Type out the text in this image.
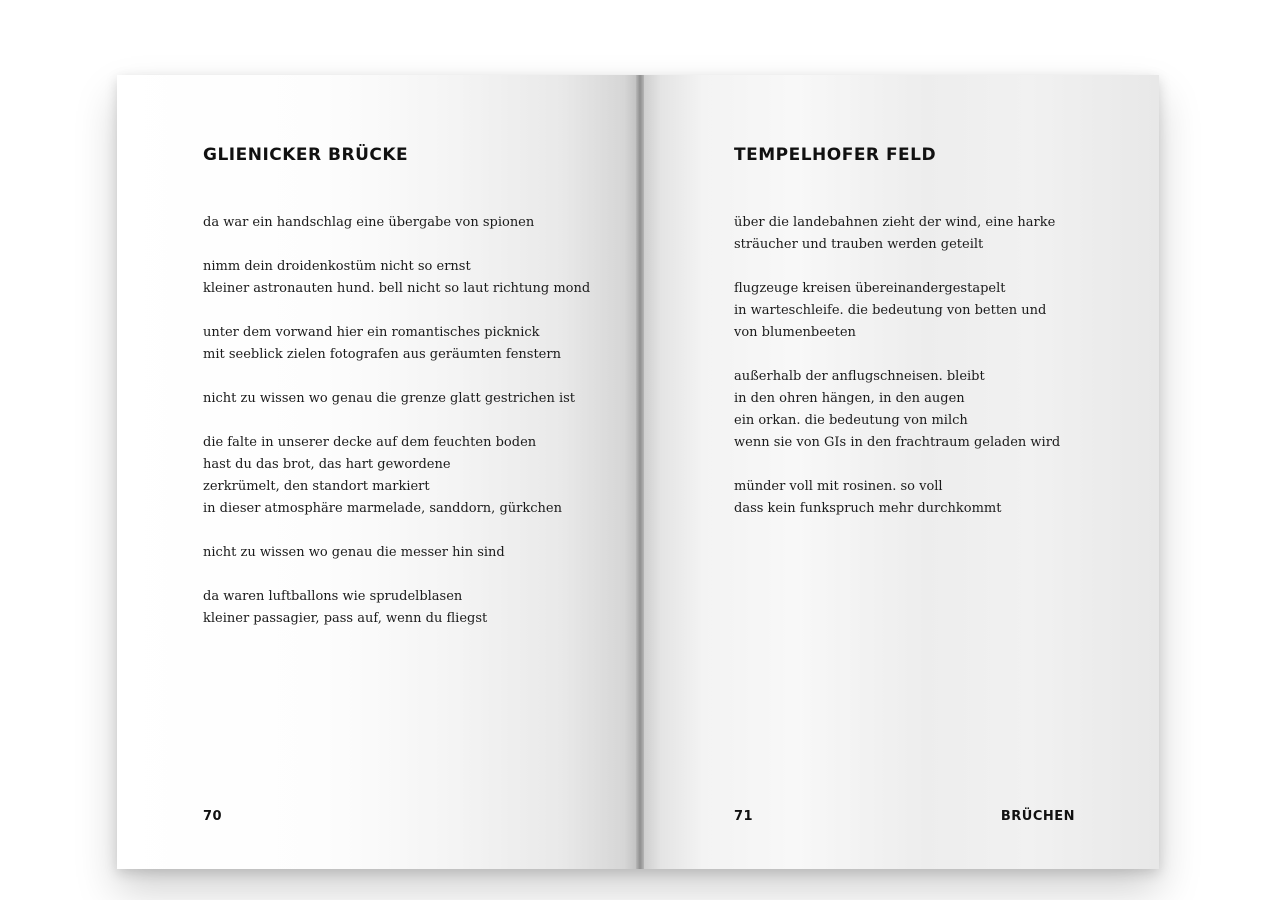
GLIENICKER BRÜCKE

da war ein handschlag eine übergabe von spionen

nimm dein droidenkostüm nicht so ernst
kleiner astronauten hund. bell nicht so laut richtung mond

unter dem vorwand hier ein romantisches picknick
mit seeblick zielen fotografen aus geräumten fenstern

nicht zu wissen wo genau die grenze glatt gestrichen ist

die falte in unserer decke auf dem feuchten boden
hast du das brot, das hart gewordene
zerkrümelt, den standort markiert
in dieser atmosphäre marmelade, sanddorn, gürkchen

nicht zu wissen wo genau die messer hin sind

da waren luftballons wie sprudelblasen
kleiner passagier, pass auf, wenn du fliegst

70
TEMPELHOFER FELD

über die landebahnen zieht der wind, eine harke
sträucher und trauben werden geteilt

flugzeuge kreisen übereinandergestapelt
in warteschleife. die bedeutung von betten und
von blumenbeeten

außerhalb der anflugschneisen. bleibt
in den ohren hängen, in den augen
ein orkan. die bedeutung von milch
wenn sie von GIs in den frachtraum geladen wird

münder voll mit rosinen. so voll
dass kein funkspruch mehr durchkommt

71	BRÜCHEN
